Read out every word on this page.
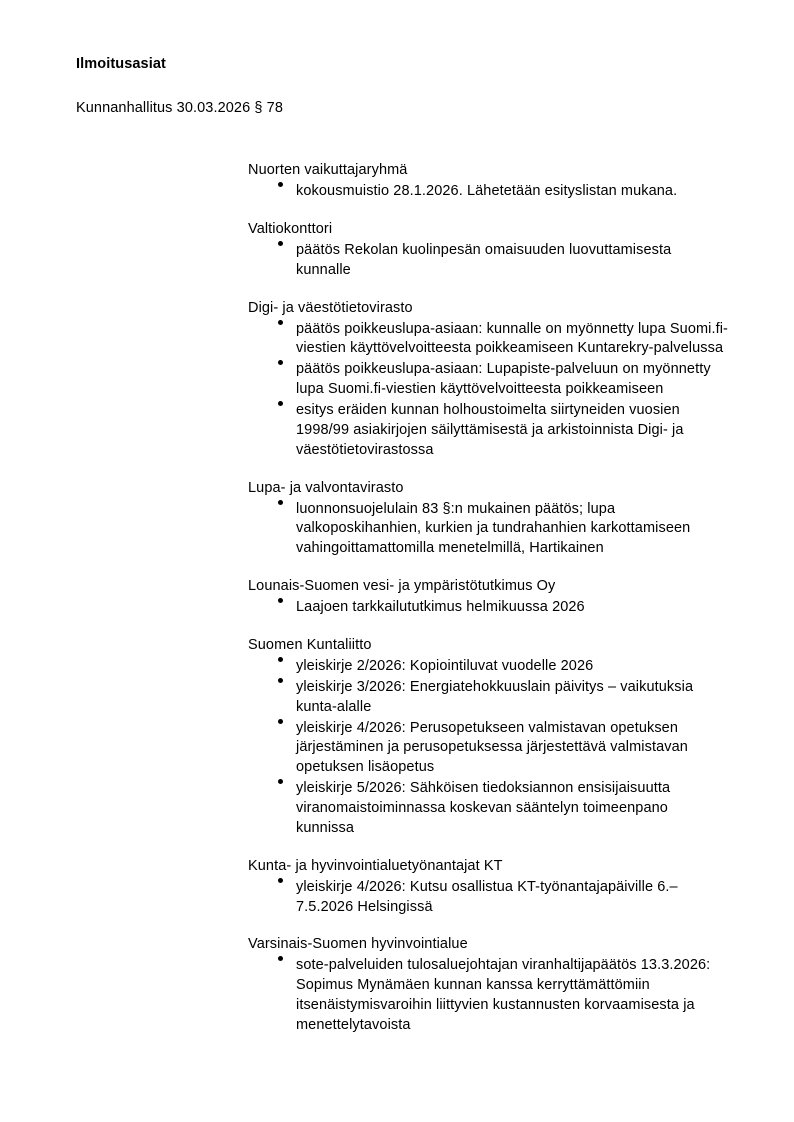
Ilmoitusasiat
Kunnanhallitus 30.03.2026 § 78
Nuorten vaikuttajaryhmä
kokousmuistio 28.1.2026. Lähetetään esityslistan mukana.
Valtiokonttori
päätös Rekolan kuolinpesän omaisuuden luovuttamisesta kunnalle
Digi- ja väestötietovirasto
päätös poikkeuslupa-asiaan: kunnalle on myönnetty lupa Suomi.fi-viestien käyttövelvoitteesta poikkeamiseen Kuntarekry-palvelussa
päätös poikkeuslupa-asiaan: Lupapiste-palveluun on myönnetty lupa Suomi.fi-viestien käyttövelvoitteesta poikkeamiseen
esitys eräiden kunnan holhoustoimelta siirtyneiden vuosien 1998/99 asiakirjojen säilyttämisestä ja arkistoinnista Digi- ja väestötietovirastossa
Lupa- ja valvontavirasto
luonnonsuojelulain 83 §:n mukainen päätös; lupa valkoposkihanhien, kurkien ja tundrahanhien karkottamiseen vahingoittamattomilla menetelmillä, Hartikainen
Lounais-Suomen vesi- ja ympäristötutkimus Oy
Laajoen tarkkailututkimus helmikuussa 2026
Suomen Kuntaliitto
yleiskirje 2/2026: Kopiointiluvat vuodelle 2026
yleiskirje 3/2026: Energiatehokkuuslain päivitys – vaikutuksia kunta-alalle
yleiskirje 4/2026: Perusopetukseen valmistavan opetuksen järjestäminen ja perusopetuksessa järjestettävä valmistavan opetuksen lisäopetus
yleiskirje 5/2026: Sähköisen tiedoksiannon ensisijaisuutta viranomaistoiminnassa koskevan sääntelyn toimeenpano kunnissa
Kunta- ja hyvinvointialuetyönantajat KT
yleiskirje 4/2026: Kutsu osallistua KT-työnantajapäiville 6.–7.5.2026 Helsingissä
Varsinais-Suomen hyvinvointialue
sote-palveluiden tulosaluejohtajan viranhaltijapäätös 13.3.2026: Sopimus Mynämäen kunnan kanssa kerryttämättömiin itsenäistymisvaroihin liittyvien kustannusten korvaamisesta ja menettelytavoista
